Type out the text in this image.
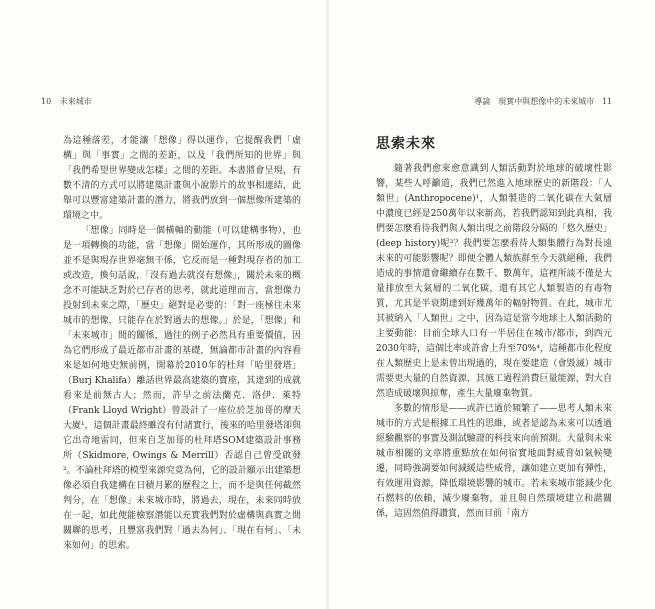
10 未來城市	導論　現實中與想像中的未來城市 11

為這種落差，才能讓「想像」得以運作，它提醒我們「虛構」與「事實」之間的差距，以及「我們所知的世界」與「我們希望世界變成怎樣」之間的差距。本書將會呈現，有數不清的方式可以將建築計畫與小說影片的故事相連結，此舉可以豐富建築計畫的潛力，將我們放到一個想像所建築的環境之中。

「想像」同時是一個橫軸的動能（可以建構事物），也是一項轉換的功能，當「想像」開始運作，其所形成的圖像並不是與現存世界毫無干係，它反而是一種對現存者的加工或改造，換句話說，「沒有過去就沒有想像」，關於未來的概念不可能缺乏對於已存者的思考，就此道理而言，當想像力投射到未來之際，「歷史」絕對是必要的：「對一座極往未來城市的想像，只能存在於對過去的想像。」於是，「想像」和「未來城市」間的關係，過往的例子必然具有重要價值，因為它們形成了最近都市計畫的基礎，無論都市計畫的內容看來是如何地史無前例，開幕於2010年的杜拜「哈里發塔」（Burj Khalifa）離話世界最高建築的寶座，其達到的成就看來是前無古人；然而，許早之前法蘭克．洛伊．萊特（Frank Lloyd Wright）曾設計了一座位於芝加哥的摩天大廈¹，這個計畫最終雖沒有付諸實行，後來的哈里發塔卻與它出奇地雷同，但來自芝加哥的杜拜塔SOM建築設計事務所（Skidmore, Owings & Merrill）否認自己曾受啟發²。不論杜拜塔的模型來源究竟為何，它的設計顯示出建築想像必須自我建構在日積月累的歷程之上，而不是與任何截然判分，在「想像」未來城市時，將過去，現在，未來同時放在一起，如此便能檢察潛能以充實我們對於虛構與真實之間關聯的思考，且豐富我們對「過去為何」、「現在有何」、「未來如何」的思索。

思索未來

隨著我們愈來愈意識到人類活動對於地球的破壞性影響，某些人呼籲道，我們已然進入地球歷史的新階段：「人類世」(Anthropocene)¹，人類製造的二氧化碳在大氣層中濃度已經是250萬年以來新高，若我們認知到此真相，我們要怎麼看待我們與人類出現之前階段分隔的「悠久歷史」(deep history)呢³？我們要怎麼看待人類集體行為對長遠未來的可能影響呢？即便全體人類族群至今天就絕種，我們造成的事情還會繼續存在數千、數萬年，這裡所談不僅是大量排放至大氣層的二氧化碳，還有其它人類製造的有毒物質，尤其是半衰期達到好幾萬年的輻射物質。在此，城市尤其被納入「人類世」之中，因為這是當今地球上人類活動的主要動能：目前全球人口有一半居住在城市/都市，到西元2030年時，這個比率或許會上升至70%⁴，這種都市化程度在人類歷史上是未曾出現過的，現在要建造（會毀滅）城市需要更大量的自然資源，其施工過程消費巨量能源，對大自然造成破壞與掠奪，產生大量廢棄物質。

多數的情形是——或許已過於頻繁了——思考人類未來城市的方式是根據工具性的思維，或者是認為未來可以透過經驗觀察的事實及測試驗證的科技來向前預測。大量與未來城市相關的文章將重點放在如何宿實地面對威脅如氣候變遷，同時強調要如何減緩這些威脅，讓如建立更加有彈性，有效運用資源，降低環境影響的城市。若未來城市能減少化石燃料的依賴，減少廢棄物，並且與自然環境建立和諧關係，這固然值得讚賞，然而目前「南方
